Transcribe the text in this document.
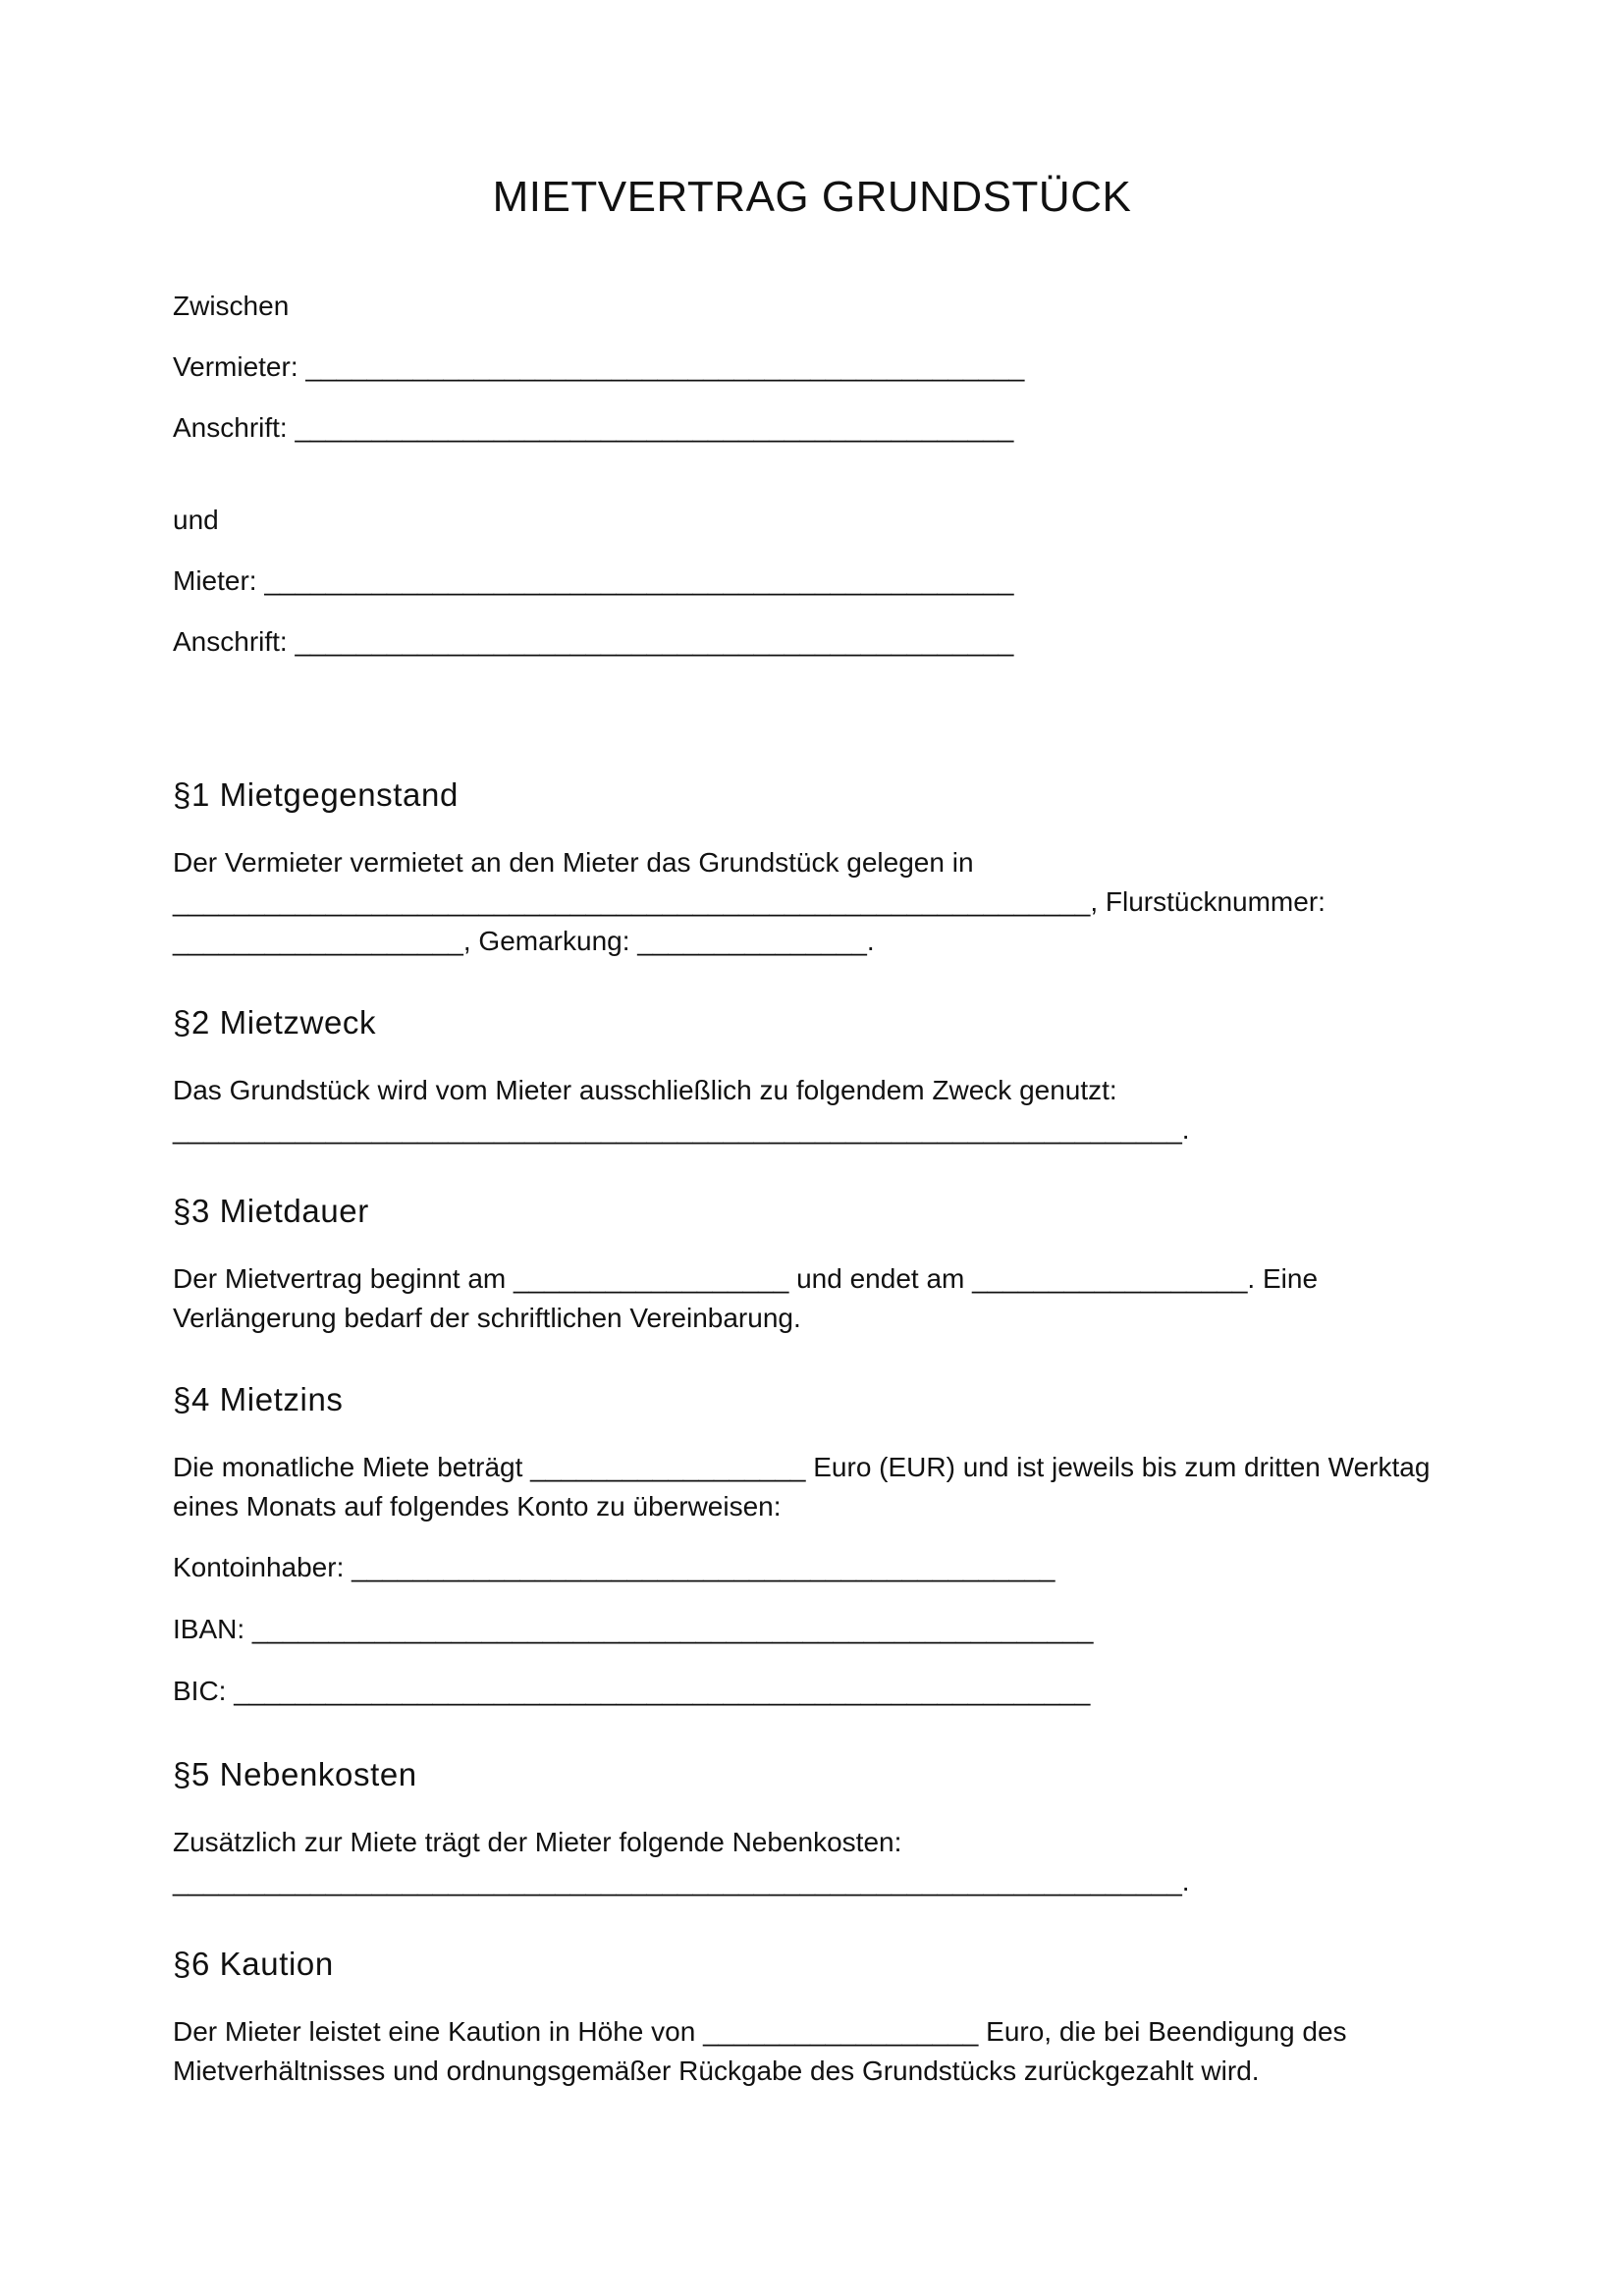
MIETVERTRAG GRUNDSTÜCK

Zwischen

Vermieter: _______________________________________________

Anschrift: _______________________________________________

und

Mieter: _________________________________________________

Anschrift: _______________________________________________

§1 Mietgegenstand
Der Vermieter vermietet an den Mieter das Grundstück gelegen in
____________________________________________________________, Flurstücknummer:
___________________, Gemarkung: _______________.
§2 Mietzweck
Das Grundstück wird vom Mieter ausschließlich zu folgendem Zweck genutzt:
__________________________________________________________________.
§3 Mietdauer
Der Mietvertrag beginnt am __________________ und endet am __________________. Eine
Verlängerung bedarf der schriftlichen Vereinbarung.
§4 Mietzins
Die monatliche Miete beträgt __________________ Euro (EUR) und ist jeweils bis zum dritten Werktag
eines Monats auf folgendes Konto zu überweisen:

Kontoinhaber: ______________________________________________

IBAN: _______________________________________________________

BIC: ________________________________________________________

§5 Nebenkosten
Zusätzlich zur Miete trägt der Mieter folgende Nebenkosten:
__________________________________________________________________.
§6 Kaution
Der Mieter leistet eine Kaution in Höhe von __________________ Euro, die bei Beendigung des
Mietverhältnisses und ordnungsgemäßer Rückgabe des Grundstücks zurückgezahlt wird.
